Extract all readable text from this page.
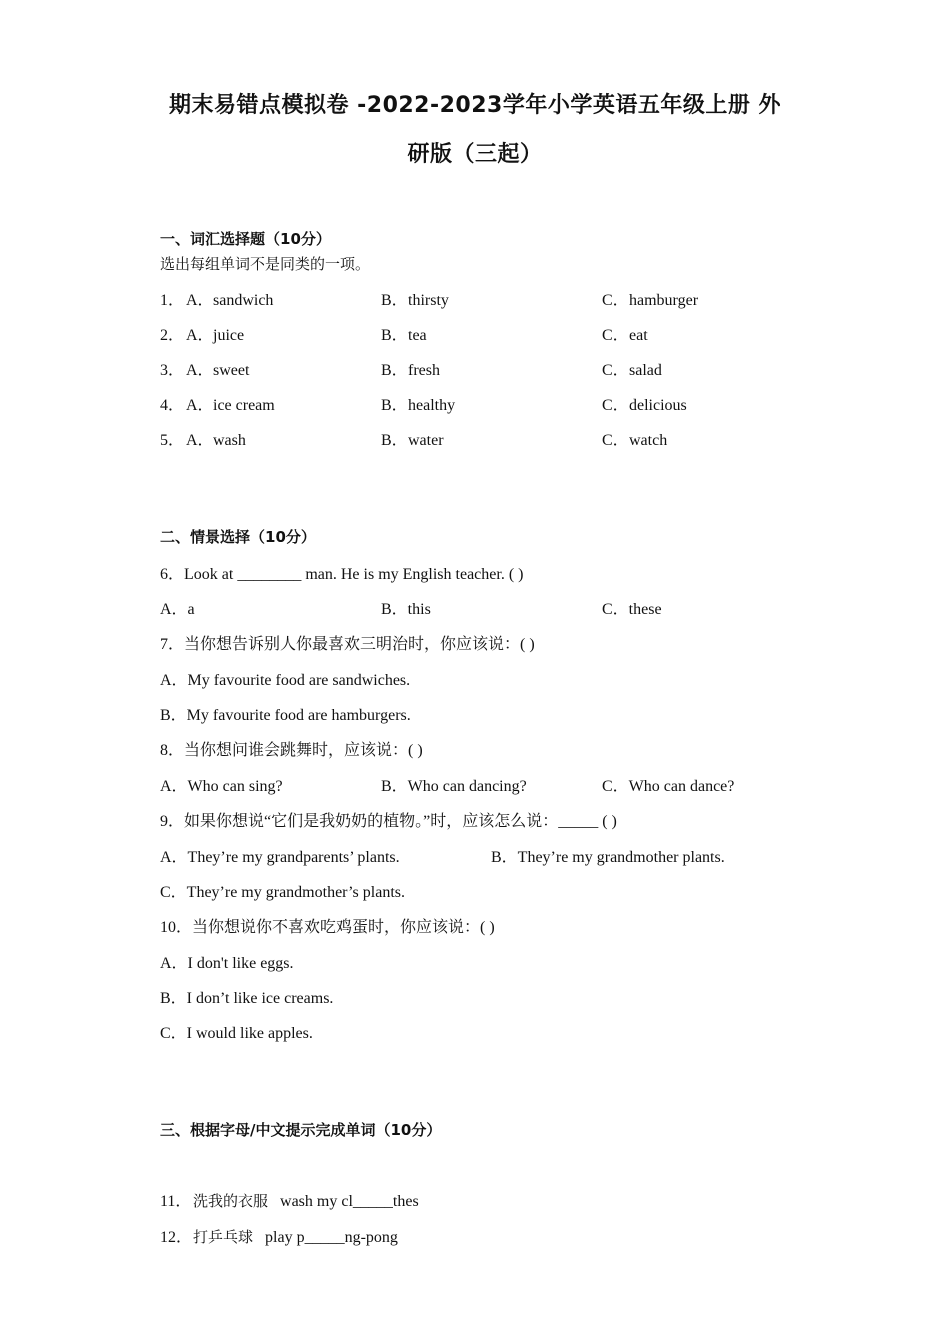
期末易错点模拟卷 -2022-2023学年小学英语五年级上册 外
研版（三起）
一、词汇选择题（10分）
选出每组单词不是同类的一项。
1． A．sandwich	B．thirsty	C．hamburger
2． A．juice	B．tea	C．eat
3． A．sweet	B．fresh	C．salad
4． A．ice cream	B．healthy	C．delicious
5． A．wash	B．water	C．watch
二、情景选择（10分）
6．Look at ________ man. He is my English teacher. ( )
A．a	B．this	C．these
7．当你想告诉别人你最喜欢三明治时，你应该说：( )
A．My favourite food are sandwiches.
B．My favourite food are hamburgers.
8．当你想问谁会跳舞时，应该说：( )
A．Who can sing?	B．Who can dancing?	C．Who can dance?
9．如果你想说“它们是我奶奶的植物。”时，应该怎么说：_____ ( )
A．They’re my grandparents’ plants.	B．They’re my grandmother plants.
C．They’re my grandmother’s plants.
10．当你想说你不喜欢吃鸡蛋时，你应该说：( )
A．I don't like eggs.
B．I don’t like ice creams.
C．I would like apples.
三、根据字母/中文提示完成单词（10分）
11． 洗我的衣服 wash my cl_____thes
12．打乒乓球 play p_____ng-pong
